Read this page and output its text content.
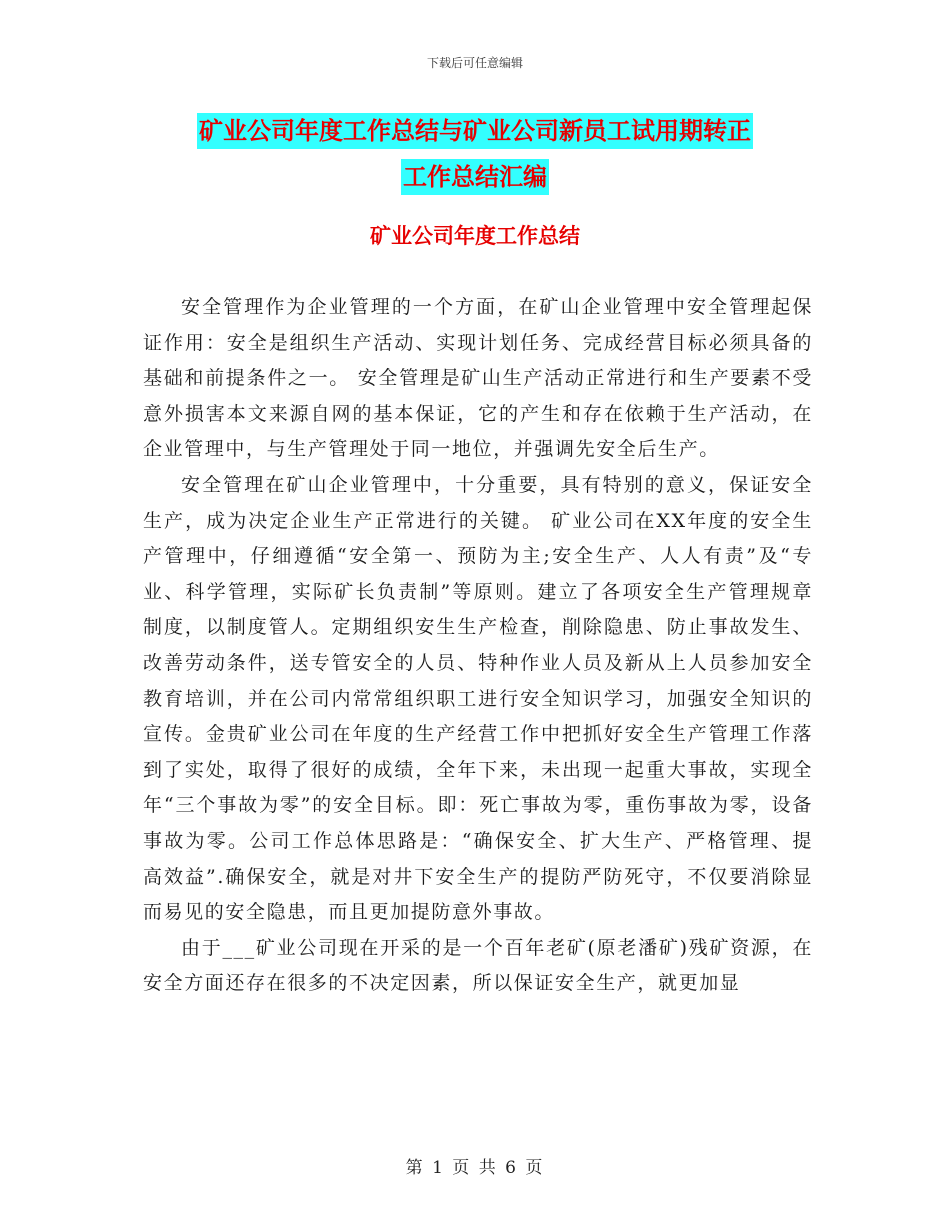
下载后可任意编辑
矿业公司年度工作总结与矿业公司新员工试用期转正
工作总结汇编
矿业公司年度工作总结

安全管理作为企业管理的一个方面，在矿山企业管理中安全管理起保证作用：安全是组织生产活动、实现计划任务、完成经营目标必须具备的基础和前提条件之一。 安全管理是矿山生产活动正常进行和生产要素不受意外损害本文来源自网的基本保证，它的产生和存在依赖于生产活动，在企业管理中，与生产管理处于同一地位，并强调先安全后生产。

安全管理在矿山企业管理中，十分重要，具有特别的意义，保证安全生产，成为决定企业生产正常进行的关键。 矿业公司在XX年度的安全生产管理中，仔细遵循“安全第一、预防为主;安全生产、人人有责”及“专业、科学管理，实际矿长负责制”等原则。建立了各项安全生产管理规章制度，以制度管人。定期组织安生生产检查，削除隐患、防止事故发生、改善劳动条件，送专管安全的人员、特种作业人员及新从上人员参加安全教育培训，并在公司内常常组织职工进行安全知识学习，加强安全知识的宣传。金贵矿业公司在年度的生产经营工作中把抓好安全生产管理工作落到了实处，取得了很好的成绩，全年下来，未出现一起重大事故，实现全年“三个事故为零”的安全目标。即：死亡事故为零，重伤事故为零，设备事故为零。公司工作总体思路是：“确保安全、扩大生产、严格管理、提高效益”.确保安全，就是对井下安全生产的提防严防死守，不仅要消除显而易见的安全隐患，而且更加提防意外事故。

由于___矿业公司现在开采的是一个百年老矿(原老潘矿)残矿资源，在安全方面还存在很多的不决定因素，所以保证安全生产，就更加显

第 1 页 共 6 页
